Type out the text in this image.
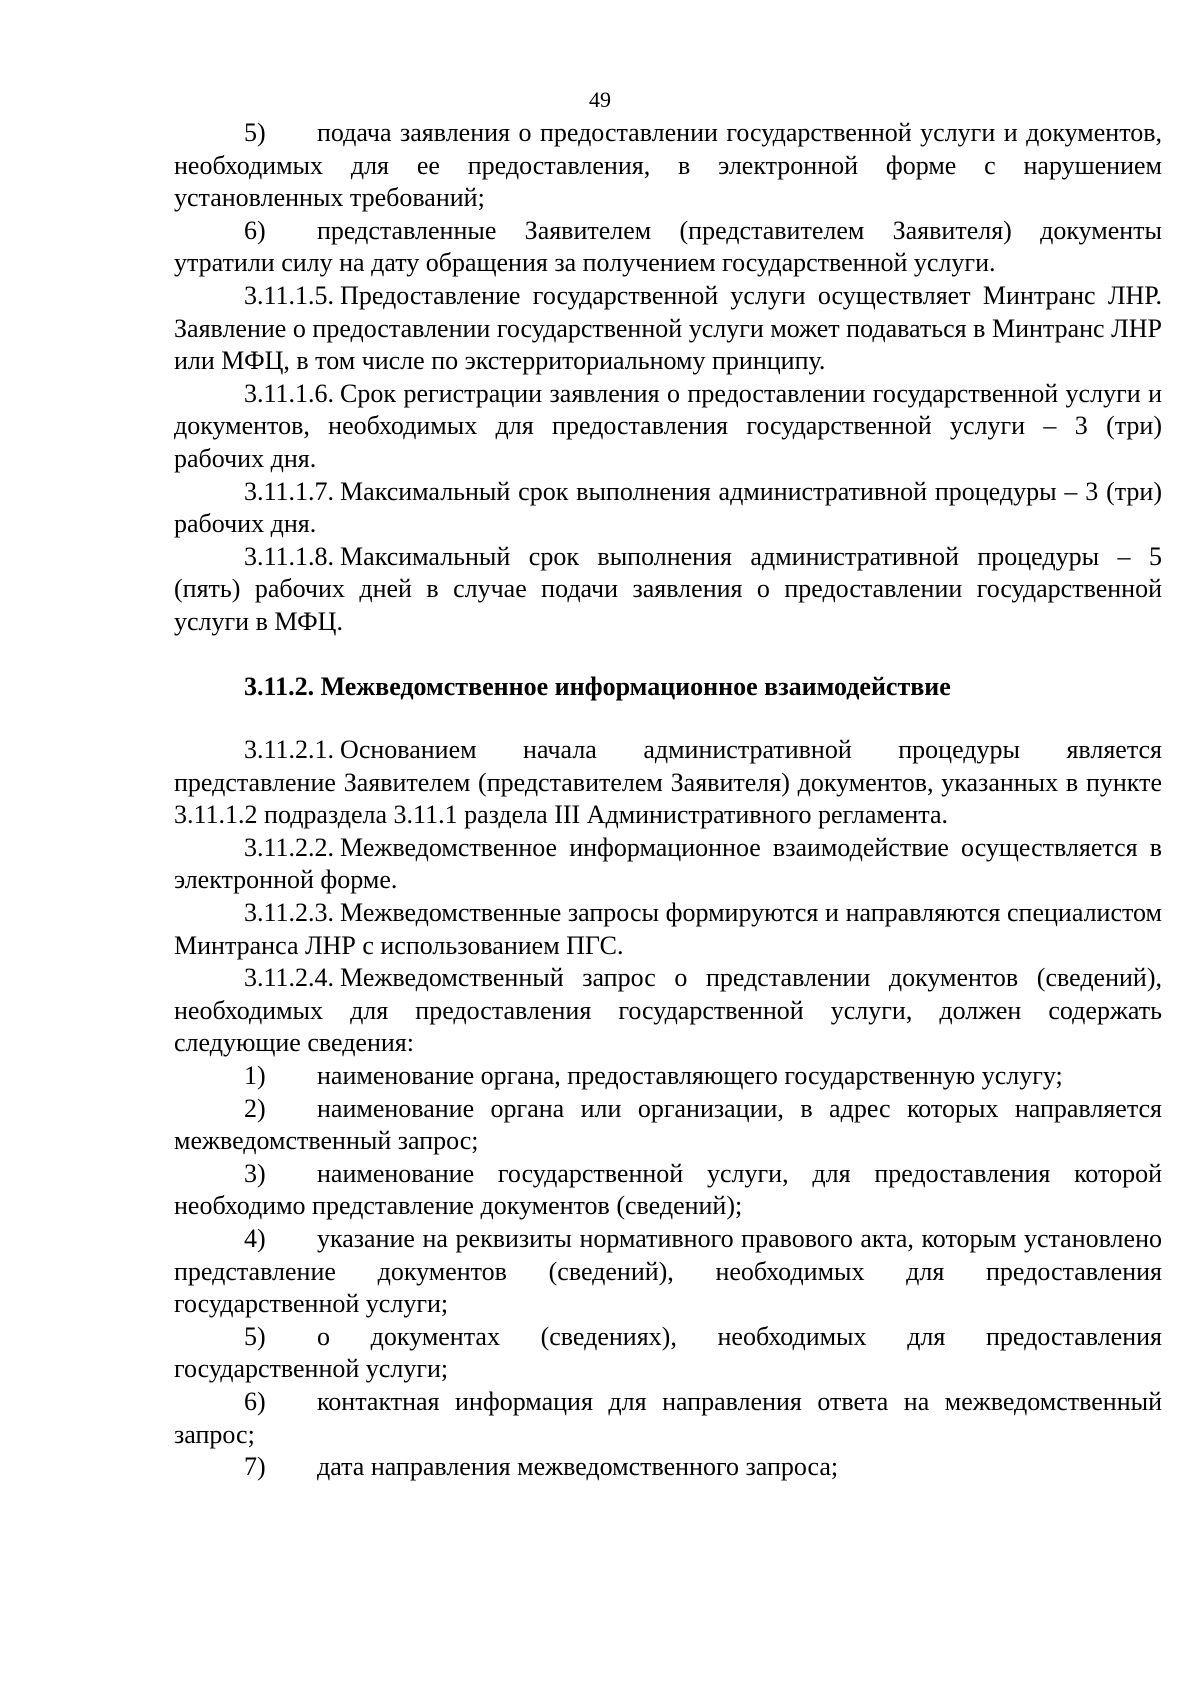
49

5) подача заявления о предоставлении государственной услуги и документов, необходимых для ее предоставления, в электронной форме с нарушением установленных требований;

6) представленные Заявителем (представителем Заявителя) документы утратили силу на дату обращения за получением государственной услуги.

3.11.1.5. Предоставление государственной услуги осуществляет Минтранс ЛНР. Заявление о предоставлении государственной услуги может подаваться в Минтранс ЛНР или МФЦ, в том числе по экстерриториальному принципу.

3.11.1.6. Срок регистрации заявления о предоставлении государственной услуги и документов, необходимых для предоставления государственной услуги – 3 (три) рабочих дня.

3.11.1.7. Максимальный срок выполнения административной процедуры – 3 (три) рабочих дня.

3.11.1.8. Максимальный срок выполнения административной процедуры – 5 (пять) рабочих дней в случае подачи заявления о предоставлении государственной услуги в МФЦ.

3.11.2. Межведомственное информационное взаимодействие

3.11.2.1. Основанием начала административной процедуры является представление Заявителем (представителем Заявителя) документов, указанных в пункте 3.11.1.2 подраздела 3.11.1 раздела III Административного регламента.

3.11.2.2. Межведомственное информационное взаимодействие осуществляется в электронной форме.

3.11.2.3. Межведомственные запросы формируются и направляются специалистом Минтранса ЛНР с использованием ПГС.

3.11.2.4. Межведомственный запрос о представлении документов (сведений), необходимых для предоставления государственной услуги, должен содержать следующие сведения:

1) наименование органа, предоставляющего государственную услугу;

2) наименование органа или организации, в адрес которых направляется межведомственный запрос;

3) наименование государственной услуги, для предоставления которой необходимо представление документов (сведений);

4) указание на реквизиты нормативного правового акта, которым установлено представление документов (сведений), необходимых для предоставления государственной услуги;

5) о документах (сведениях), необходимых для предоставления государственной услуги;

6) контактная информация для направления ответа на межведомственный запрос;

7) дата направления межведомственного запроса;
